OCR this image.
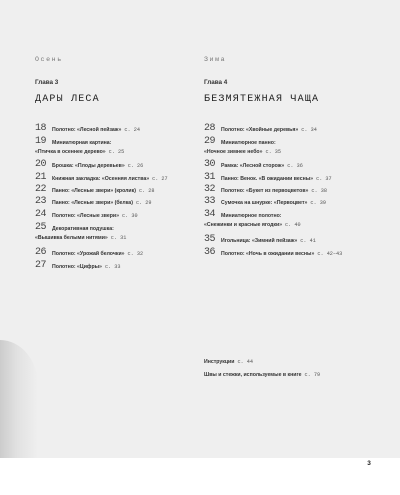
Осень
Глава 3
ДАРЫ ЛЕСА
18 Полотно: «Лесной пейзаж» с. 24
19 Миниатюрная картина:
«Птичка в осеннее дерево» с. 25
20 Брошка: «Плоды деревьев» с. 26
21 Книжная закладка: «Осенняя листва» с. 27
22 Панно: «Лесные звери» (кролик) с. 28
23 Панно: «Лесные звери» (белка) с. 29
24 Полотно: «Лесные звери» с. 30
25 Декоративная подушка:
«Вышивка белыми нитями» с. 31
26 Полотно: «Урожай белочки» с. 32
27 Полотно: «Цифры» с. 33
Зима
Глава 4
БЕЗМЯТЕЖНАЯ ЧАЩА
28 Полотно: «Хвойные деревья» с. 34
29 Миниатюрное панно:
«Ночное зимнее небо» с. 35
30 Рамка: «Лесной сторож» с. 36
31 Панно: Венок. «В ожидании весны» с. 37
32 Полотно: «Букет из первоцветов» с. 38
33 Сумочка на шнурке: «Первоцвет» с. 39
34 Миниатюрное полотно:
«Снежинки и красные ягодки» с. 40
35 Игольница: «Зимний пейзаж» с. 41
36 Полотно: «Ночь в ожидании весны» с. 42–43
Инструкции с. 44
Швы и стежки, используемые в книге с. 79
3
